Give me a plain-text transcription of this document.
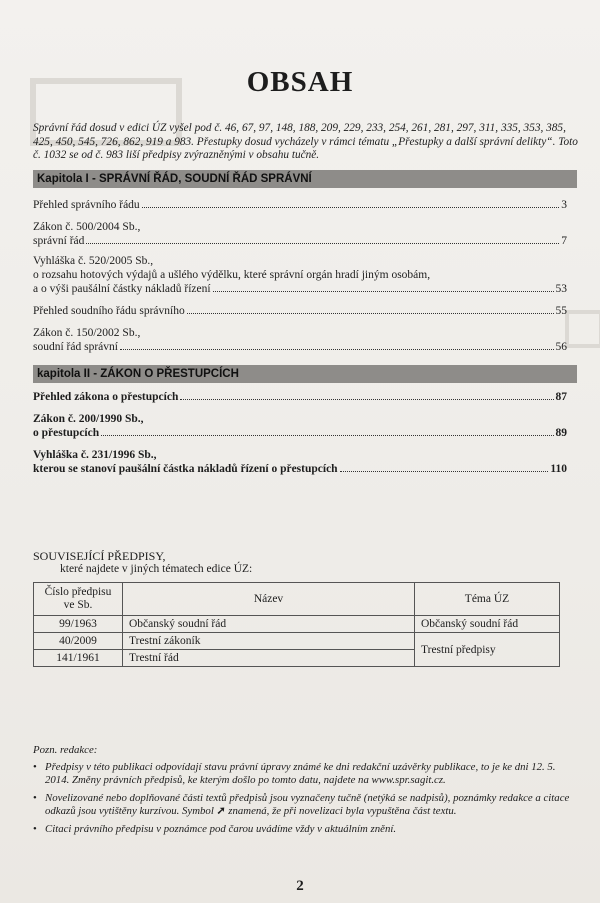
OBSAH

Správní řád dosud v edici ÚZ vyšel pod č. 46, 67, 97, 148, 188, 209, 229, 233, 254, 261, 281, 297, 311, 335, 353, 385, 425, 450, 545, 726, 862, 919 a 983. Přestupky dosud vycházely v rámci tématu „Přestupky a další správní delikty“. Toto č. 1032 se od č. 983 liší předpisy zvýrazněnými v obsahu tučně.

Kapitola I - SPRÁVNÍ ŘÁD, SOUDNÍ ŘÁD SPRÁVNÍ
Přehled správního řádu	3
Zákon č. 500/2004 Sb.,
správní řád	7
Vyhláška č. 520/2005 Sb.,
o rozsahu hotových výdajů a ušlého výdělku, které správní orgán hradí jiným osobám,
a o výši paušální částky nákladů řízení	53
Přehled soudního řádu správního	55
Zákon č. 150/2002 Sb.,
soudní řád správní	56
kapitola II - ZÁKON O PŘESTUPCÍCH
Přehled zákona o přestupcích	87
Zákon č. 200/1990 Sb.,
o přestupcích	89
Vyhláška č. 231/1996 Sb.,
kterou se stanoví paušální částka nákladů řízení o přestupcích	110
SOUVISEJÍCÍ PŘEDPISY,
které najdete v jiných tématech edice ÚZ:
Číslo předpisu ve Sb.	Název	Téma ÚZ
99/1963	Občanský soudní řád	Občanský soudní řád
40/2009	Trestní zákoník	Trestní předpisy
141/1961	Trestní řád	
Pozn. redakce:
• Předpisy v této publikaci odpovídají stavu právní úpravy známé ke dni redakční uzávěrky publikace, to je ke dni 12. 5. 2014. Změny právních předpisů, ke kterým došlo po tomto datu, najdete na www.spr.sagit.cz.
• Novelizované nebo doplňované části textů předpisů jsou vyznačeny tučně (netýká se nadpisů), poznámky redakce a citace odkazů jsou vytištěny kurzívou. Symbol ➚ znamená, že při novelizaci byla vypuštěna část textu.
• Citaci právního předpisu v poznámce pod čarou uvádíme vždy v aktuálním znění.
2
